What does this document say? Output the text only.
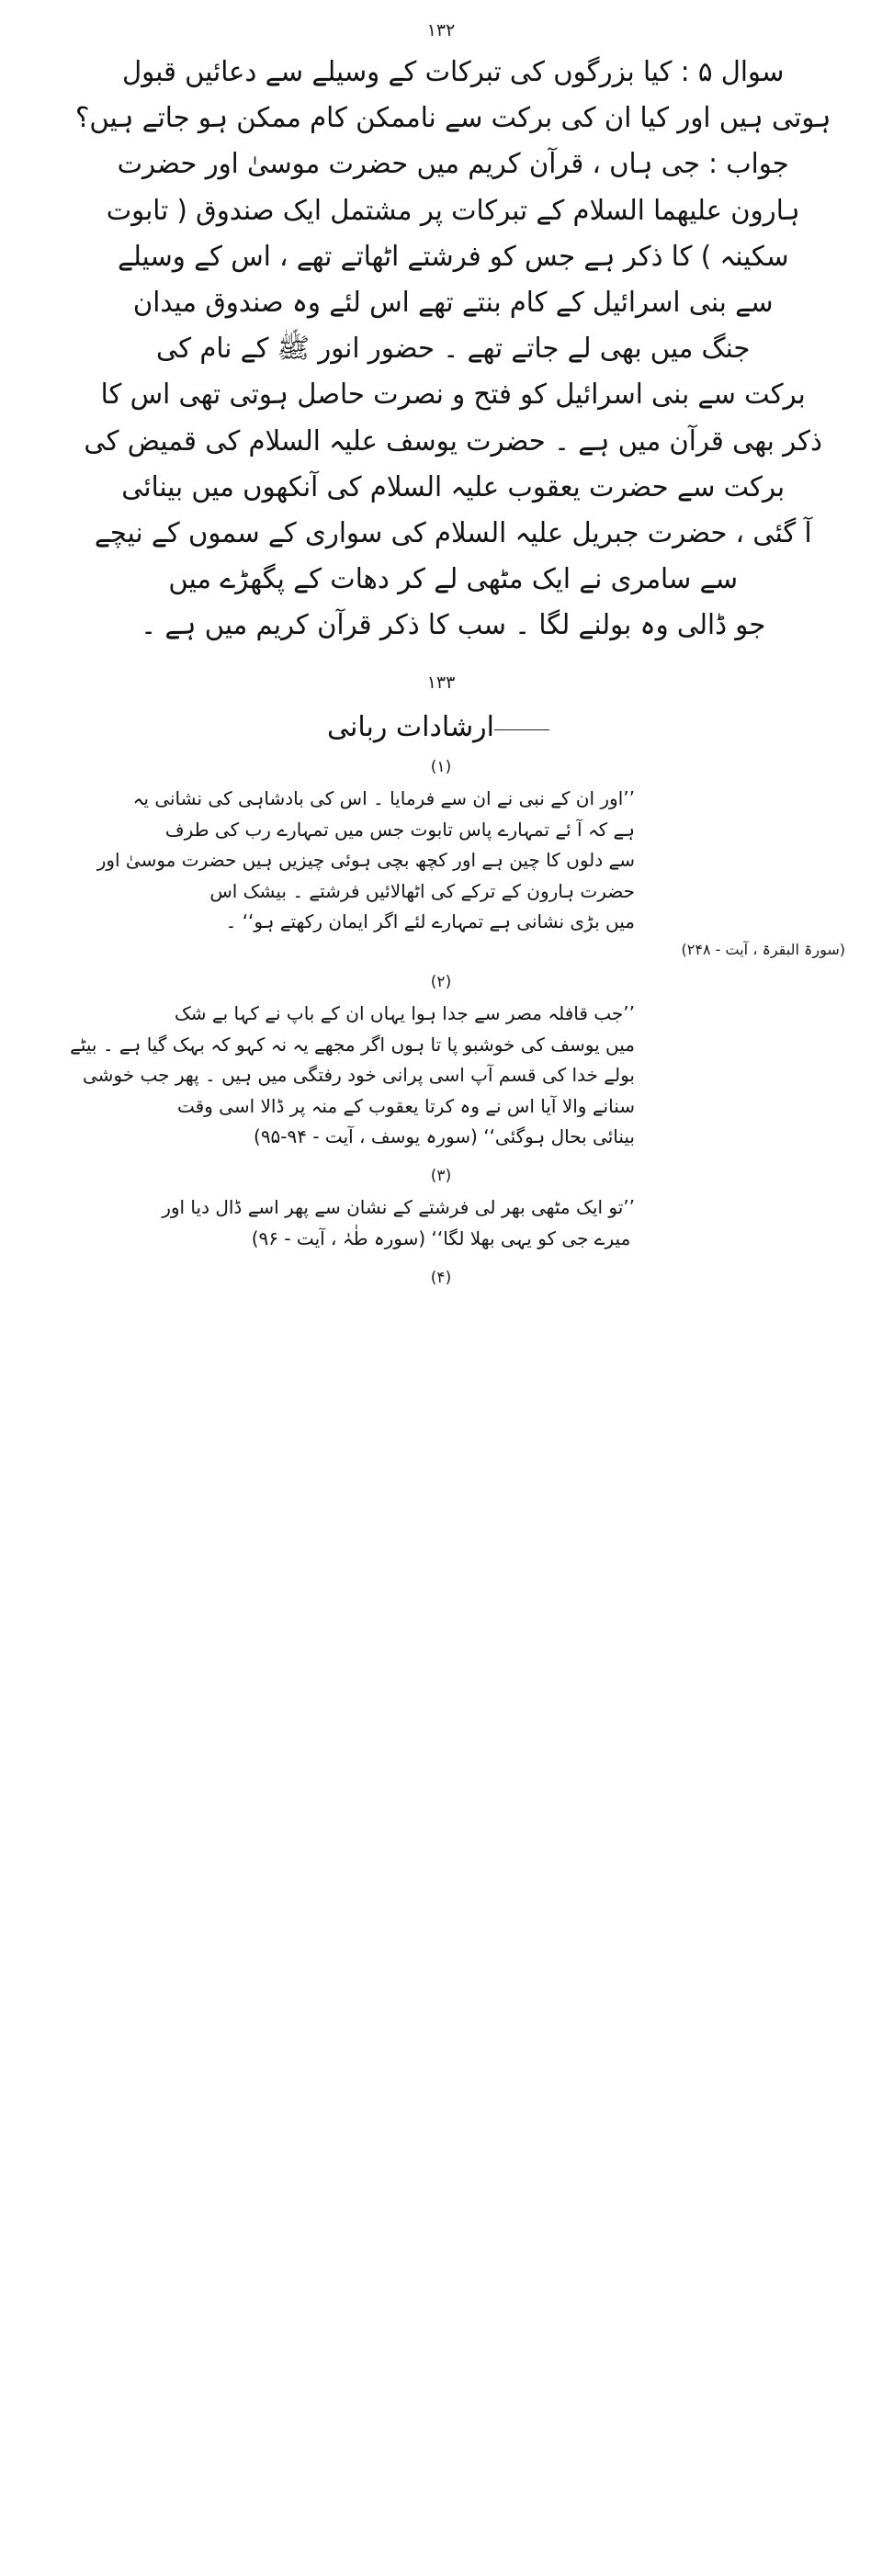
۱۳۲
سوال ۵ : کیا بزرگوں کی تبرکات کے وسیلے سے دعائیں قبول
ہوتی ہیں اور کیا ان کی برکت سے ناممکن کام ممکن ہو جاتے ہیں؟
جواب : جی ہاں ، قرآن کریم میں حضرت موسیٰ اور حضرت
ہارون علیھما السلام کے تبرکات پر مشتمل ایک صندوق ( تابوت
سکینہ ) کا ذکر ہے جس کو فرشتے اٹھاتے تھے ، اس کے وسیلے
سے بنی اسرائیل کے کام بنتے تھے اس لئے وہ صندوق میدان
جنگ میں بھی لے جاتے تھے ۔ حضور انور ﷺ کے نام کی
برکت سے بنی اسرائیل کو فتح و نصرت حاصل ہوتی تھی اس کا
ذکر بھی قرآن میں ہے ۔ حضرت یوسف علیہ السلام کی قمیض کی
برکت سے حضرت یعقوب علیہ السلام کی آنکھوں میں بینائی
آ گئی ، حضرت جبریل علیہ السلام کی سواری کے سموں کے نیچے
سے سامری نے ایک مٹھی لے کر دھات کے پگھڑے میں
جو ڈالی وہ بولنے لگا ۔ سب کا ذکر قرآن کریم میں ہے ۔
۱۳۳
ارشادات ربانی
(۱)
’’اور ان کے نبی نے ان سے فرمایا ۔ اس کی بادشاہی کی نشانی یہ
ہے کہ آ ئے تمہارے پاس تابوت جس میں تمہارے رب کی طرف
سے دلوں کا چین ہے اور کچھ بچی ہوئی چیزیں ہیں حضرت موسیٰ اور
حضرت ہارون کے ترکے کی اٹھالائیں فرشتے ۔ بیشک اس
میں بڑی نشانی ہے تمہارے لئے اگر ایمان رکھتے ہو‘‘ ۔
(سورۃ البقرۃ ، آیت - ۲۴۸)
(۲)
’’جب قافلہ مصر سے جدا ہوا یہاں ان کے باپ نے کہا بے شک
میں یوسف کی خوشبو پا تا ہوں اگر مجھے یہ نہ کہو کہ بہک گیا ہے ۔ بیٹے
بولے خدا کی قسم آپ اسی پرانی خود رفتگی میں ہیں ۔ پھر جب خوشی
سنانے والا آیا اس نے وہ کرتا یعقوب کے منہ پر ڈالا اسی وقت
بینائی بحال ہوگئی‘‘ (سورہ یوسف ، آیت - ۹۴-۹۵)
(۳)
’’تو ایک مٹھی بھر لی فرشتے کے نشان سے پھر اسے ڈال دیا اور
میرے جی کو یہی بھلا لگا‘‘ (سورہ طٰہٰ ، آیت - ۹۶)
(۴)
